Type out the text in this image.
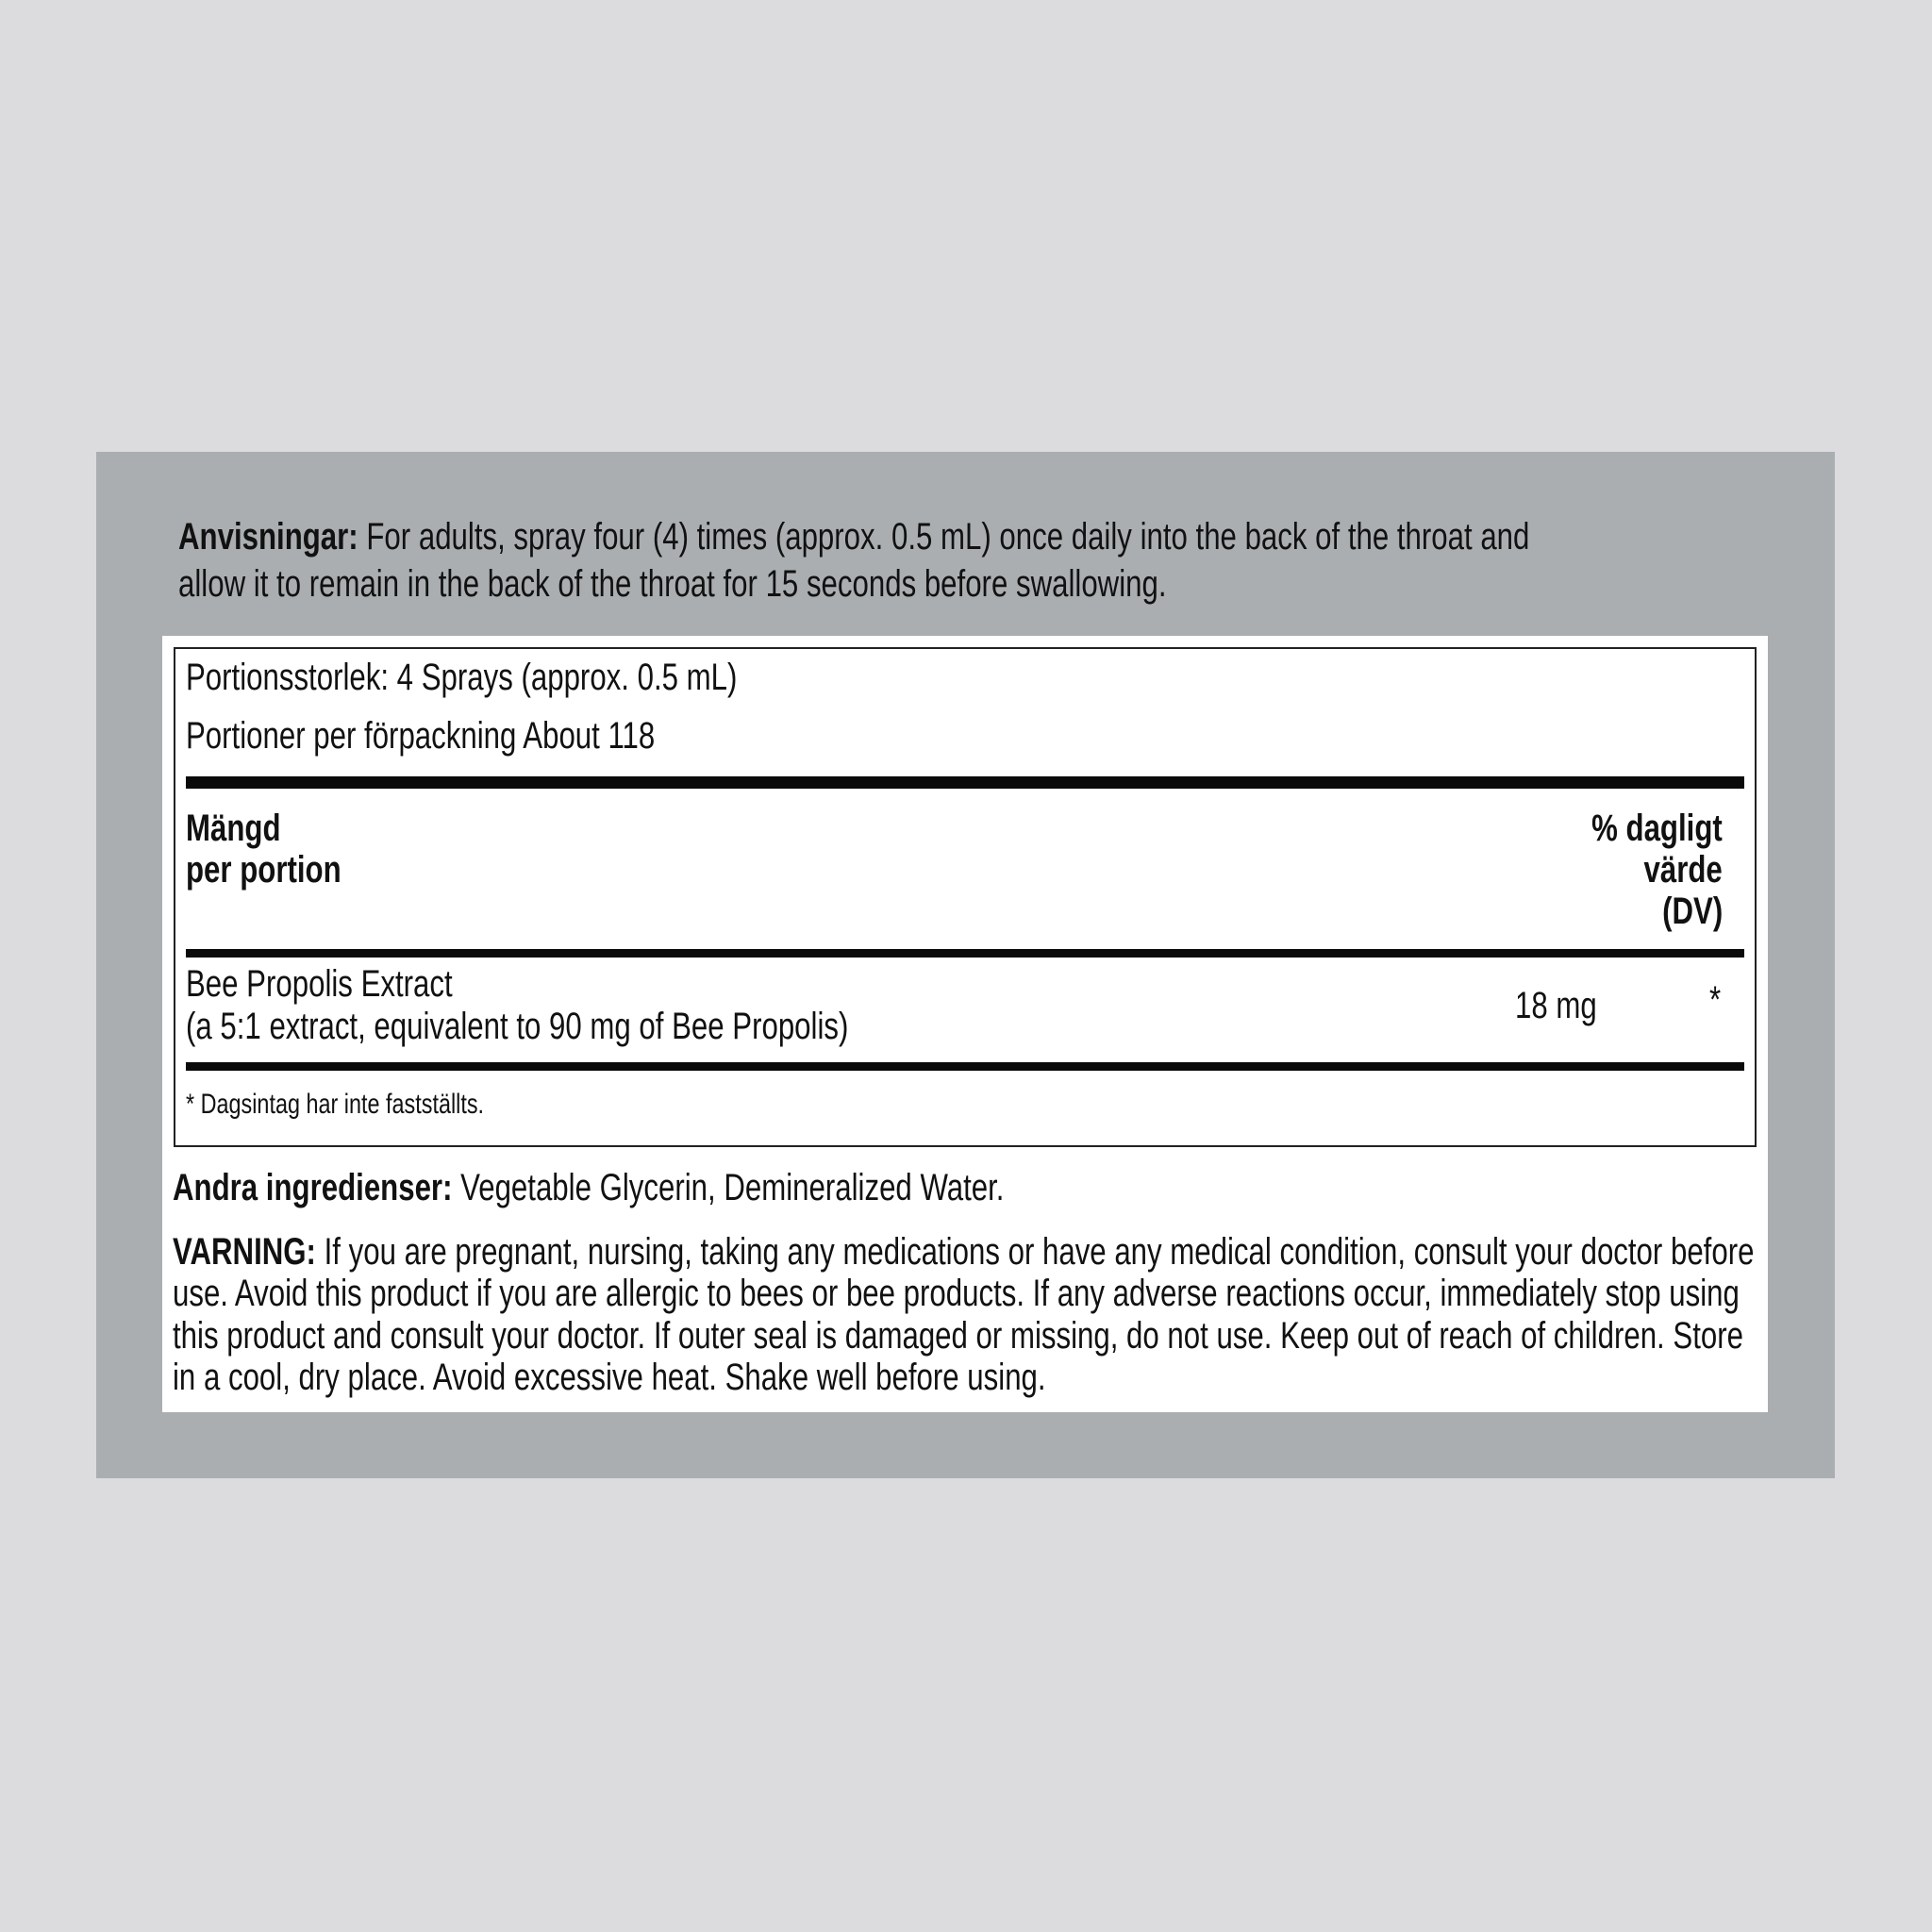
Anvisningar: For adults, spray four (4) times (approx. 0.5 mL) once daily into the back of the throat and
allow it to remain in the back of the throat for 15 seconds before swallowing.
Portionsstorlek: 4 Sprays (approx. 0.5 mL)
Portioner per förpackning About 118
Mängd
per portion
% dagligt
värde
(DV)
Bee Propolis Extract
(a 5:1 extract, equivalent to 90 mg of Bee Propolis)	18 mg	*
* Dagsintag har inte fastställts.
Andra ingredienser: Vegetable Glycerin, Demineralized Water.
VARNING: If you are pregnant, nursing, taking any medications or have any medical condition, consult your doctor before
use. Avoid this product if you are allergic to bees or bee products. If any adverse reactions occur, immediately stop using
this product and consult your doctor. If outer seal is damaged or missing, do not use. Keep out of reach of children. Store
in a cool, dry place. Avoid excessive heat. Shake well before using.
